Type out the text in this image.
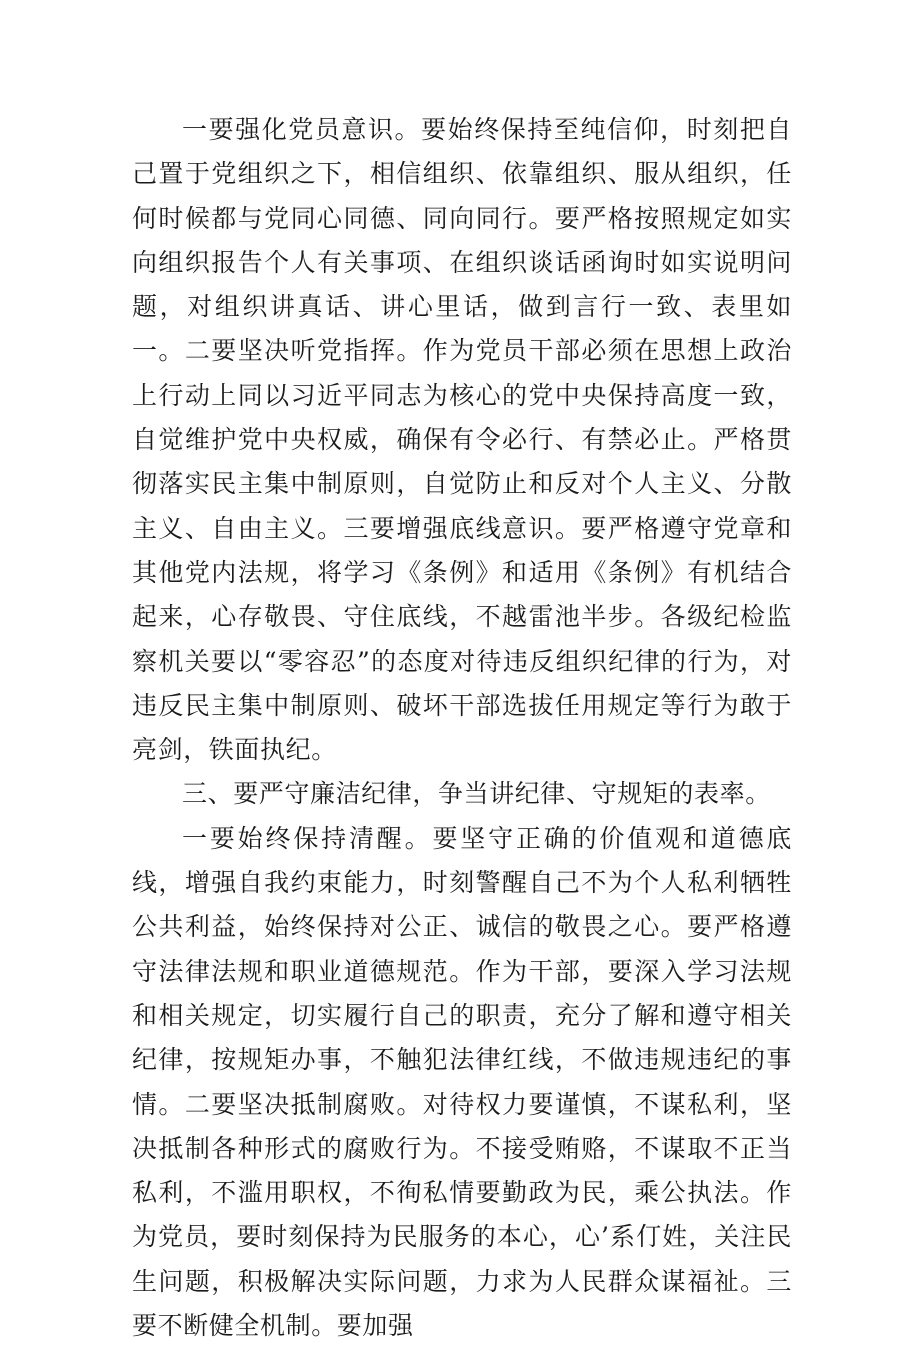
一要强化党员意识。要始终保持至纯信仰，时刻把自己置于党组织之下，相信组织、依靠组织、服从组织，任何时候都与党同心同德、同向同行。要严格按照规定如实向组织报告个人有关事项、在组织谈话函询时如实说明问题，对组织讲真话、讲心里话，做到言行一致、表里如一。二要坚决听党指挥。作为党员干部必须在思想上政治上行动上同以习近平同志为核心的党中央保持高度一致，自觉维护党中央权威，确保有令必行、有禁必止。严格贯彻落实民主集中制原则，自觉防止和反对个人主义、分散主义、自由主义。三要增强底线意识。要严格遵守党章和其他党内法规，将学习《条例》和适用《条例》有机结合起来，心存敬畏、守住底线，不越雷池半步。各级纪检监察机关要以“零容忍”的态度对待违反组织纪律的行为，对违反民主集中制原则、破坏干部选拔任用规定等行为敢于亮剑，铁面执纪。

三、要严守廉洁纪律，争当讲纪律、守规矩的表率。

一要始终保持清醒。要坚守正确的价值观和道德底线，增强自我约束能力，时刻警醒自己不为个人私利牺牲公共利益，始终保持对公正、诚信的敬畏之心。要严格遵守法律法规和职业道德规范。作为干部，要深入学习法规和相关规定，切实履行自己的职责，充分了解和遵守相关纪律，按规矩办事，不触犯法律红线，不做违规违纪的事情。二要坚决抵制腐败。对待权力要谨慎，不谋私利，坚决抵制各种形式的腐败行为。不接受贿赂，不谋取不正当私利，不滥用职权，不徇私情要勤政为民，乘公执法。作为党员，要时刻保持为民服务的本心，心’系仃姓，关注民生问题，积极解决实际问题，力求为人民群众谋福祉。三要不断健全机制。要加强
